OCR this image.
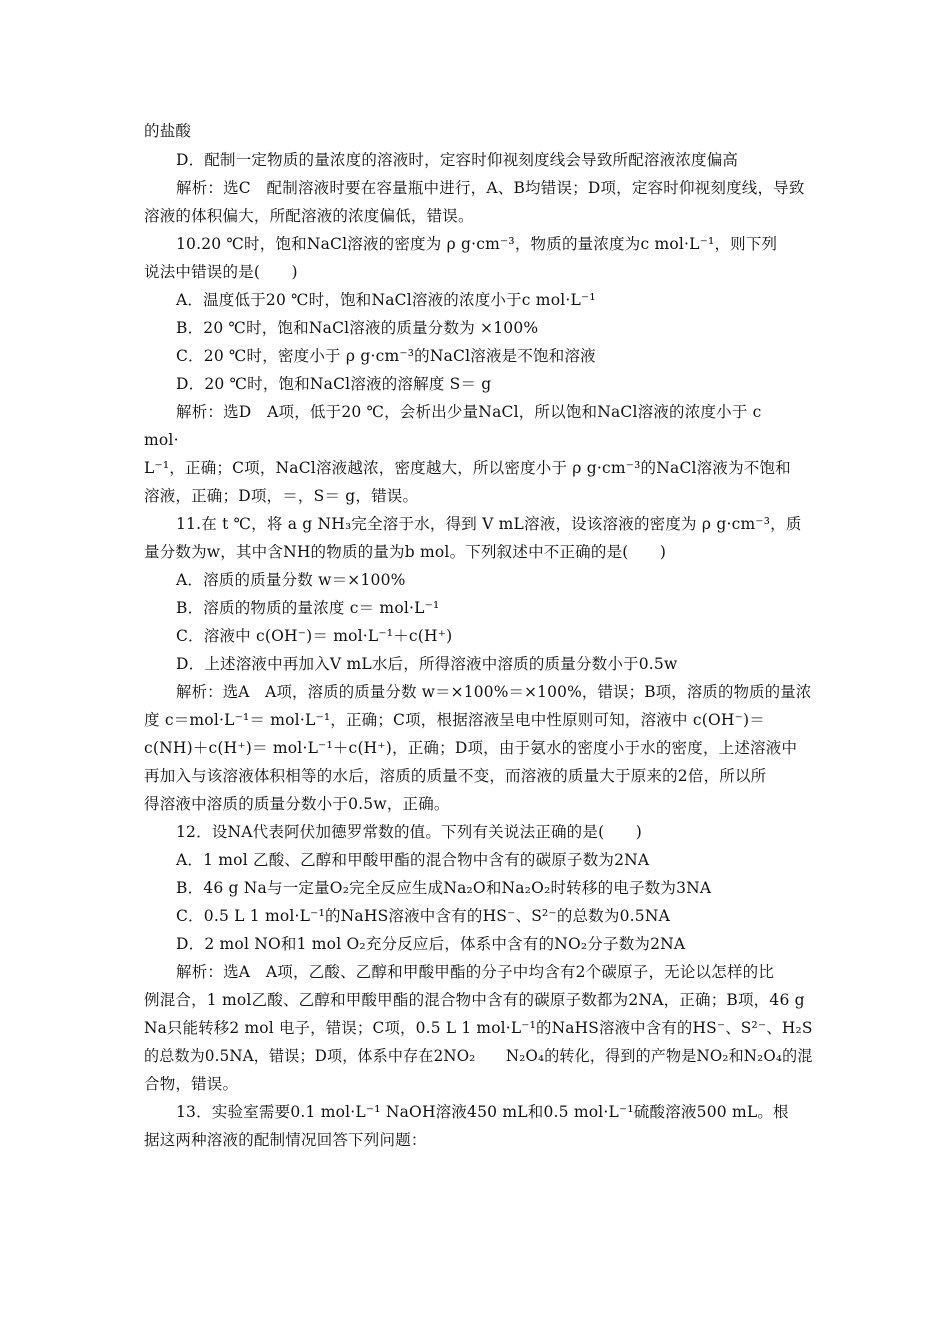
的盐酸
D．配制一定物质的量浓度的溶液时，定容时仰视刻度线会导致所配溶液浓度偏高
解析：选C　配制溶液时要在容量瓶中进行，A、B均错误；D项，定容时仰视刻度线，导致
溶液的体积偏大，所配溶液的浓度偏低，错误。
10.20 ℃时，饱和NaCl溶液的密度为 ρ g·cm⁻³，物质的量浓度为c mol·L⁻¹，则下列
说法中错误的是(　　)
A．温度低于20 ℃时，饱和NaCl溶液的浓度小于c mol·L⁻¹
B．20 ℃时，饱和NaCl溶液的质量分数为 ×100%
C．20 ℃时，密度小于 ρ g·cm⁻³的NaCl溶液是不饱和溶液
D．20 ℃时，饱和NaCl溶液的溶解度 S＝ g
解析：选D　A项，低于20 ℃，会析出少量NaCl，所以饱和NaCl溶液的浓度小于 c
mol·
L⁻¹，正确；C项，NaCl溶液越浓，密度越大，所以密度小于 ρ g·cm⁻³的NaCl溶液为不饱和
溶液，正确；D项，＝，S＝ g，错误。
11.在 t ℃，将 a g NH₃完全溶于水，得到 V mL溶液，设该溶液的密度为 ρ g·cm⁻³，质
量分数为w，其中含NH的物质的量为b mol。下列叙述中不正确的是(　　)
A．溶质的质量分数 w＝×100%
B．溶质的物质的量浓度 c＝ mol·L⁻¹
C．溶液中 c(OH⁻)＝ mol·L⁻¹＋c(H⁺)
D．上述溶液中再加入V mL水后，所得溶液中溶质的质量分数小于0.5w
解析：选A　A项，溶质的质量分数 w＝×100%＝×100%，错误；B项，溶质的物质的量浓
度 c＝mol·L⁻¹＝ mol·L⁻¹，正确；C项，根据溶液呈电中性原则可知，溶液中 c(OH⁻)＝
c(NH)＋c(H⁺)＝ mol·L⁻¹＋c(H⁺)，正确；D项，由于氨水的密度小于水的密度，上述溶液中
再加入与该溶液体积相等的水后，溶质的质量不变，而溶液的质量大于原来的2倍，所以所
得溶液中溶质的质量分数小于0.5w，正确。
12．设NA代表阿伏加德罗常数的值。下列有关说法正确的是(　　)
A．1 mol 乙酸、乙醇和甲酸甲酯的混合物中含有的碳原子数为2NA
B．46 g Na与一定量O₂完全反应生成Na₂O和Na₂O₂时转移的电子数为3NA
C．0.5 L 1 mol·L⁻¹的NaHS溶液中含有的HS⁻、S²⁻的总数为0.5NA
D．2 mol NO和1 mol O₂充分反应后，体系中含有的NO₂分子数为2NA
解析：选A　A项，乙酸、乙醇和甲酸甲酯的分子中均含有2个碳原子，无论以怎样的比
例混合，1 mol乙酸、乙醇和甲酸甲酯的混合物中含有的碳原子数都为2NA，正确；B项，46 g
Na只能转移2 mol 电子，错误；C项，0.5 L 1 mol·L⁻¹的NaHS溶液中含有的HS⁻、S²⁻、H₂S
的总数为0.5NA，错误；D项，体系中存在2NO₂　　N₂O₄的转化，得到的产物是NO₂和N₂O₄的混
合物，错误。
13．实验室需要0.1 mol·L⁻¹ NaOH溶液450 mL和0.5 mol·L⁻¹硫酸溶液500 mL。根
据这两种溶液的配制情况回答下列问题：
